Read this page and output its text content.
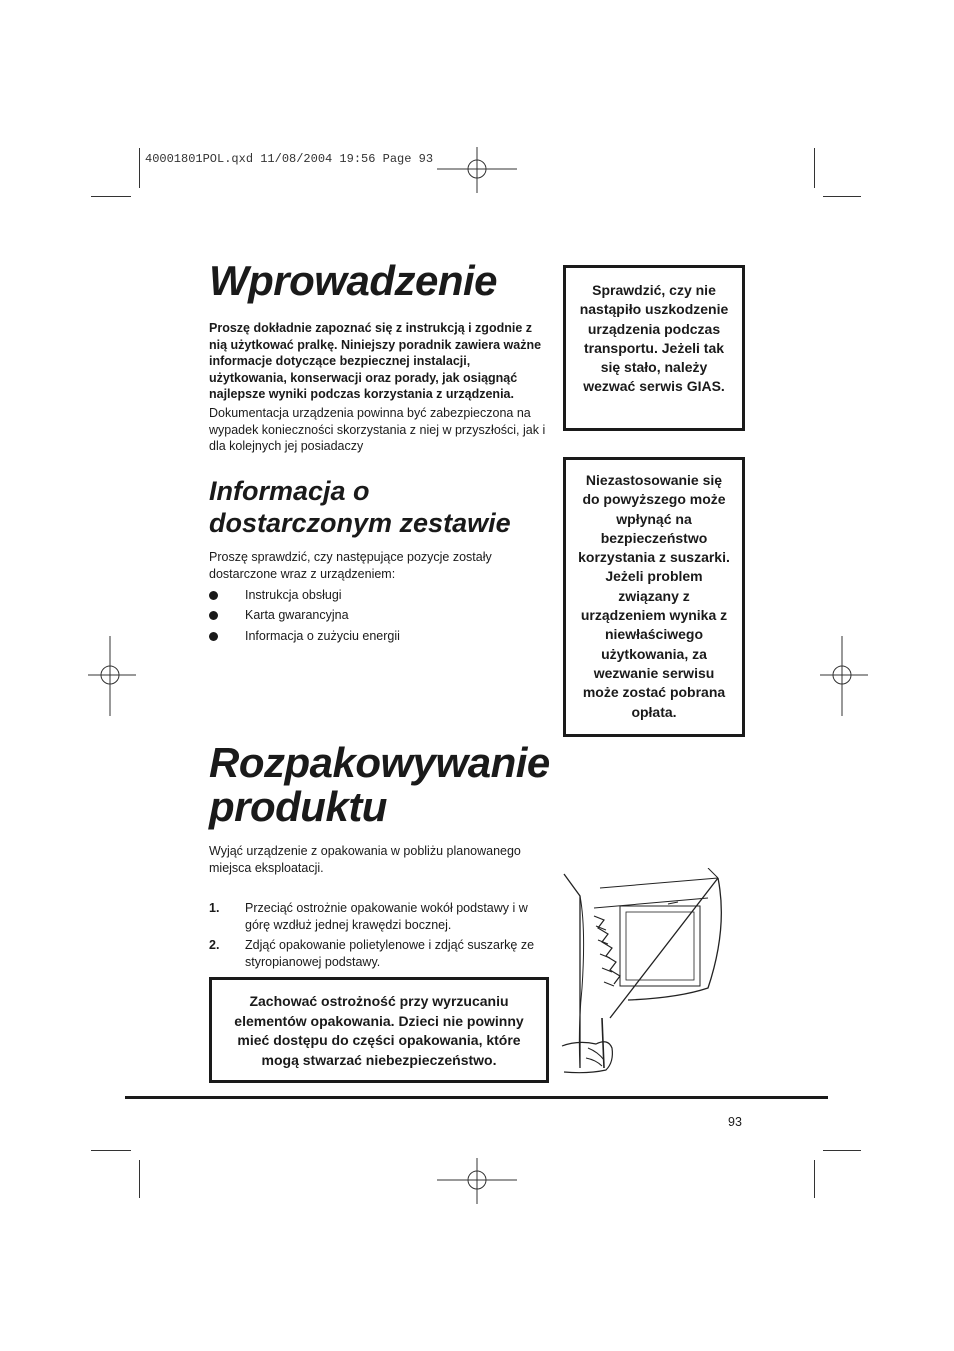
40001801POL.qxd 11/08/2004 19:56 Page 93
Wprowadzenie

Proszę dokładnie zapoznać się z instrukcją i zgodnie z nią użytkować pralkę. Niniejszy poradnik zawiera ważne informacje dotyczące bezpiecznej instalacji, użytkowania, konserwacji oraz porady, jak osiągnąć najlepsze wyniki podczas korzystania z urządzenia.

Dokumentacja urządzenia powinna być zabezpieczona na wypadek konieczności skorzystania z niej w przyszłości, jak i dla kolejnych jej posiadaczy

Informacja o
dostarczonym zestawie

Proszę sprawdzić, czy następujące pozycje zostały dostarczone wraz z urządzeniem:

Instrukcja obsługi
Karta gwarancyjna
Informacja o zużyciu energii
Sprawdzić, czy nie nastąpiło uszkodzenie urządzenia podczas transportu. Jeżeli tak się stało, należy wezwać serwis GIAS.
Niezastosowanie się do powyższego może wpłynąć na bezpieczeństwo korzystania z suszarki. Jeżeli problem związany z urządzeniem wynika z niewłaściwego użytkowania, za wezwanie serwisu może zostać pobrana opłata.
Rozpakowywanie
produktu

Wyjąć urządzenie z opakowania w pobliżu planowanego miejsca eksploatacji.

1. Przeciąć ostrożnie opakowanie wokół podstawy i w górę wzdłuż jednej krawędzi bocznej.

2. Zdjąć opakowanie polietylenowe i zdjąć suszarkę ze styropianowej podstawy.

Zachować ostrożność przy wyrzucaniu elementów opakowania. Dzieci nie powinny mieć dostępu do części opakowania, które mogą stwarzać niebezpieczeństwo.
93
